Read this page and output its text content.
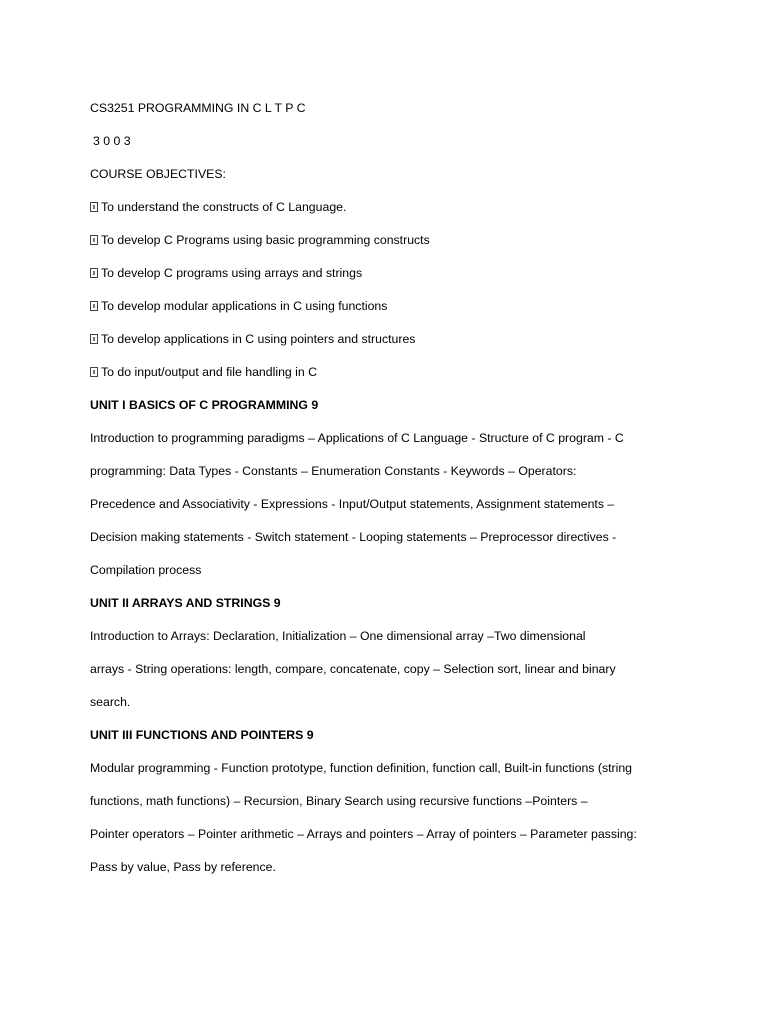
CS3251 PROGRAMMING IN C L T P C
3 0 0 3
COURSE OBJECTIVES:
To understand the constructs of C Language.
To develop C Programs using basic programming constructs
To develop C programs using arrays and strings
To develop modular applications in C using functions
To develop applications in C using pointers and structures
To do input/output and file handling in C
UNIT I BASICS OF C PROGRAMMING 9
Introduction to programming paradigms – Applications of C Language - Structure of C program - C
programming: Data Types - Constants – Enumeration Constants - Keywords – Operators:
Precedence and Associativity - Expressions - Input/Output statements, Assignment statements –
Decision making statements - Switch statement - Looping statements – Preprocessor directives -
Compilation process
UNIT II ARRAYS AND STRINGS 9
Introduction to Arrays: Declaration, Initialization – One dimensional array –Two dimensional
arrays - String operations: length, compare, concatenate, copy – Selection sort, linear and binary
search.
UNIT III FUNCTIONS AND POINTERS 9
Modular programming - Function prototype, function definition, function call, Built-in functions (string
functions, math functions) – Recursion, Binary Search using recursive functions –Pointers –
Pointer operators – Pointer arithmetic – Arrays and pointers – Array of pointers – Parameter passing:
Pass by value, Pass by reference.
